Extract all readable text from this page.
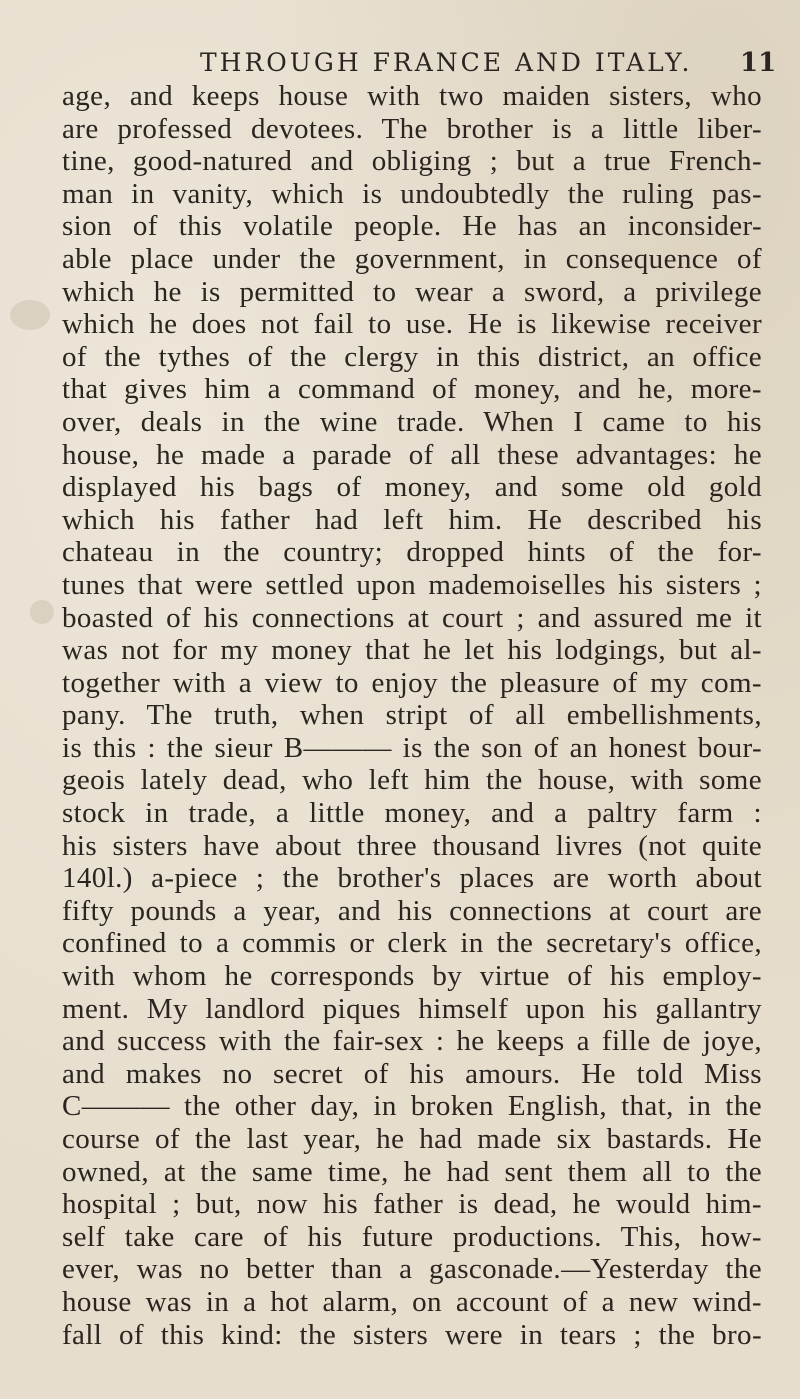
THROUGH FRANCE AND ITALY. 11
age, and keeps house with two maiden sisters, who
are professed devotees. The brother is a little liber-
tine, good-natured and obliging ; but a true French-
man in vanity, which is undoubtedly the ruling pas-
sion of this volatile people. He has an inconsider-
able place under the government, in consequence of
which he is permitted to wear a sword, a privilege
which he does not fail to use. He is likewise receiver
of the tythes of the clergy in this district, an office
that gives him a command of money, and he, more-
over, deals in the wine trade. When I came to his
house, he made a parade of all these advantages: he
displayed his bags of money, and some old gold
which his father had left him. He described his
chateau in the country; dropped hints of the for-
tunes that were settled upon mademoiselles his sisters ;
boasted of his connections at court ; and assured me it
was not for my money that he let his lodgings, but al-
together with a view to enjoy the pleasure of my com-
pany. The truth, when stript of all embellishments,
is this : the sieur B——— is the son of an honest bour-
geois lately dead, who left him the house, with some
stock in trade, a little money, and a paltry farm :
his sisters have about three thousand livres (not quite
140l.) a-piece ; the brother's places are worth about
fifty pounds a year, and his connections at court are
confined to a commis or clerk in the secretary's office,
with whom he corresponds by virtue of his employ-
ment. My landlord piques himself upon his gallantry
and success with the fair-sex : he keeps a fille de joye,
and makes no secret of his amours. He told Miss
C——— the other day, in broken English, that, in the
course of the last year, he had made six bastards. He
owned, at the same time, he had sent them all to the
hospital ; but, now his father is dead, he would him-
self take care of his future productions. This, how-
ever, was no better than a gasconade.—Yesterday the
house was in a hot alarm, on account of a new wind-
fall of this kind: the sisters were in tears ; the bro-
